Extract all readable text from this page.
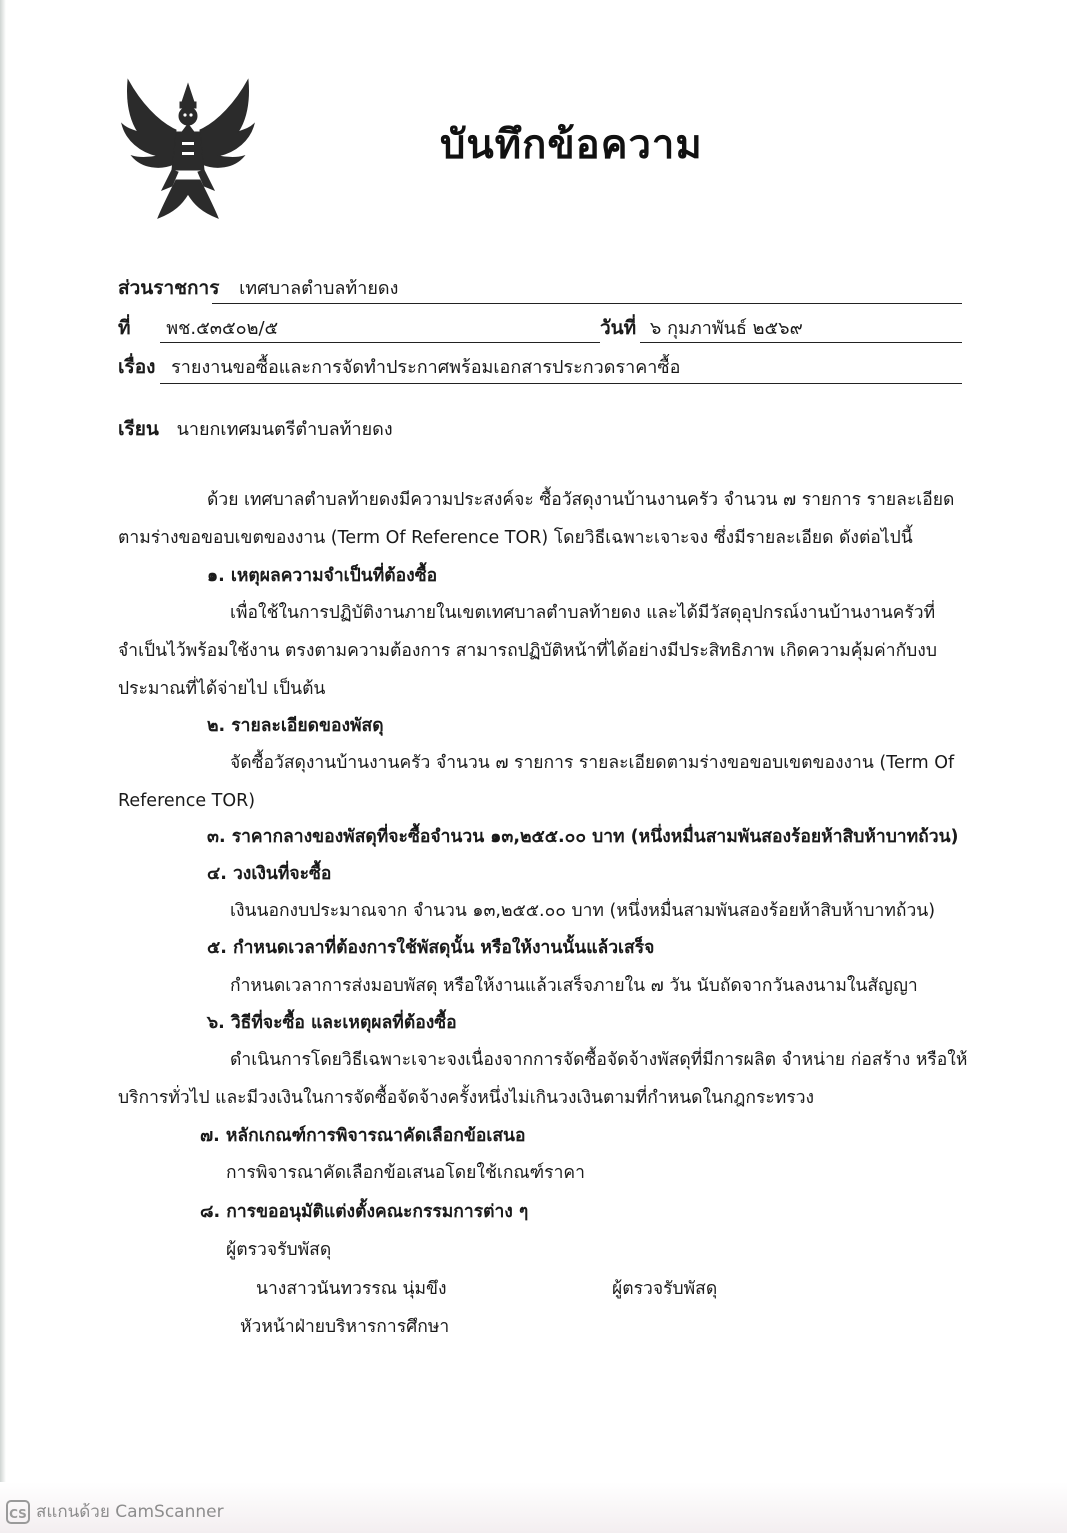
บันทึกข้อความ
ส่วนราชการ เทศบาลตำบลท้ายดง
ที่ พช.๕๓๕๐๒/๕	วันที่ ๖ กุมภาพันธ์ ๒๕๖๙
เรื่อง รายงานขอซื้อและการจัดทำประกาศพร้อมเอกสารประกวดราคาซื้อ
เรียน นายกเทศมนตรีตำบลท้ายดง
ด้วย เทศบาลตำบลท้ายดงมีความประสงค์จะ ซื้อวัสดุงานบ้านงานครัว จำนวน ๗ รายการ รายละเอียด
ตามร่างขอขอบเขตของงาน (Term Of Reference TOR) โดยวิธีเฉพาะเจาะจง ซึ่งมีรายละเอียด ดังต่อไปนี้
๑. เหตุผลความจำเป็นที่ต้องซื้อ
เพื่อใช้ในการปฏิบัติงานภายในเขตเทศบาลตำบลท้ายดง และได้มีวัสดุอุปกรณ์งานบ้านงานครัวที่
จำเป็นไว้พร้อมใช้งาน ตรงตามความต้องการ สามารถปฏิบัติหน้าที่ได้อย่างมีประสิทธิภาพ เกิดความคุ้มค่ากับงบ
ประมาณที่ได้จ่ายไป เป็นต้น
๒. รายละเอียดของพัสดุ
จัดซื้อวัสดุงานบ้านงานครัว จำนวน ๗ รายการ รายละเอียดตามร่างขอขอบเขตของงาน (Term Of
Reference TOR)
๓. ราคากลางของพัสดุที่จะซื้อจำนวน ๑๓,๒๕๕.๐๐ บาท (หนึ่งหมื่นสามพันสองร้อยห้าสิบห้าบาทถ้วน)
๔. วงเงินที่จะซื้อ
เงินนอกงบประมาณจาก จำนวน ๑๓,๒๕๕.๐๐ บาท (หนึ่งหมื่นสามพันสองร้อยห้าสิบห้าบาทถ้วน)
๕. กำหนดเวลาที่ต้องการใช้พัสดุนั้น หรือให้งานนั้นแล้วเสร็จ
กำหนดเวลาการส่งมอบพัสดุ หรือให้งานแล้วเสร็จภายใน ๗ วัน นับถัดจากวันลงนามในสัญญา
๖. วิธีที่จะซื้อ และเหตุผลที่ต้องซื้อ
ดำเนินการโดยวิธีเฉพาะเจาะจงเนื่องจากการจัดซื้อจัดจ้างพัสดุที่มีการผลิต จำหน่าย ก่อสร้าง หรือให้
บริการทั่วไป และมีวงเงินในการจัดซื้อจัดจ้างครั้งหนึ่งไม่เกินวงเงินตามที่กำหนดในกฎกระทรวง
๗. หลักเกณฑ์การพิจารณาคัดเลือกข้อเสนอ
การพิจารณาคัดเลือกข้อเสนอโดยใช้เกณฑ์ราคา
๘. การขออนุมัติแต่งตั้งคณะกรรมการต่าง ๆ
ผู้ตรวจรับพัสดุ
นางสาวนันทวรรณ นุ่มขึง	ผู้ตรวจรับพัสดุ
หัวหน้าฝ่ายบริหารการศึกษา
CS สแกนด้วย CamScanner
